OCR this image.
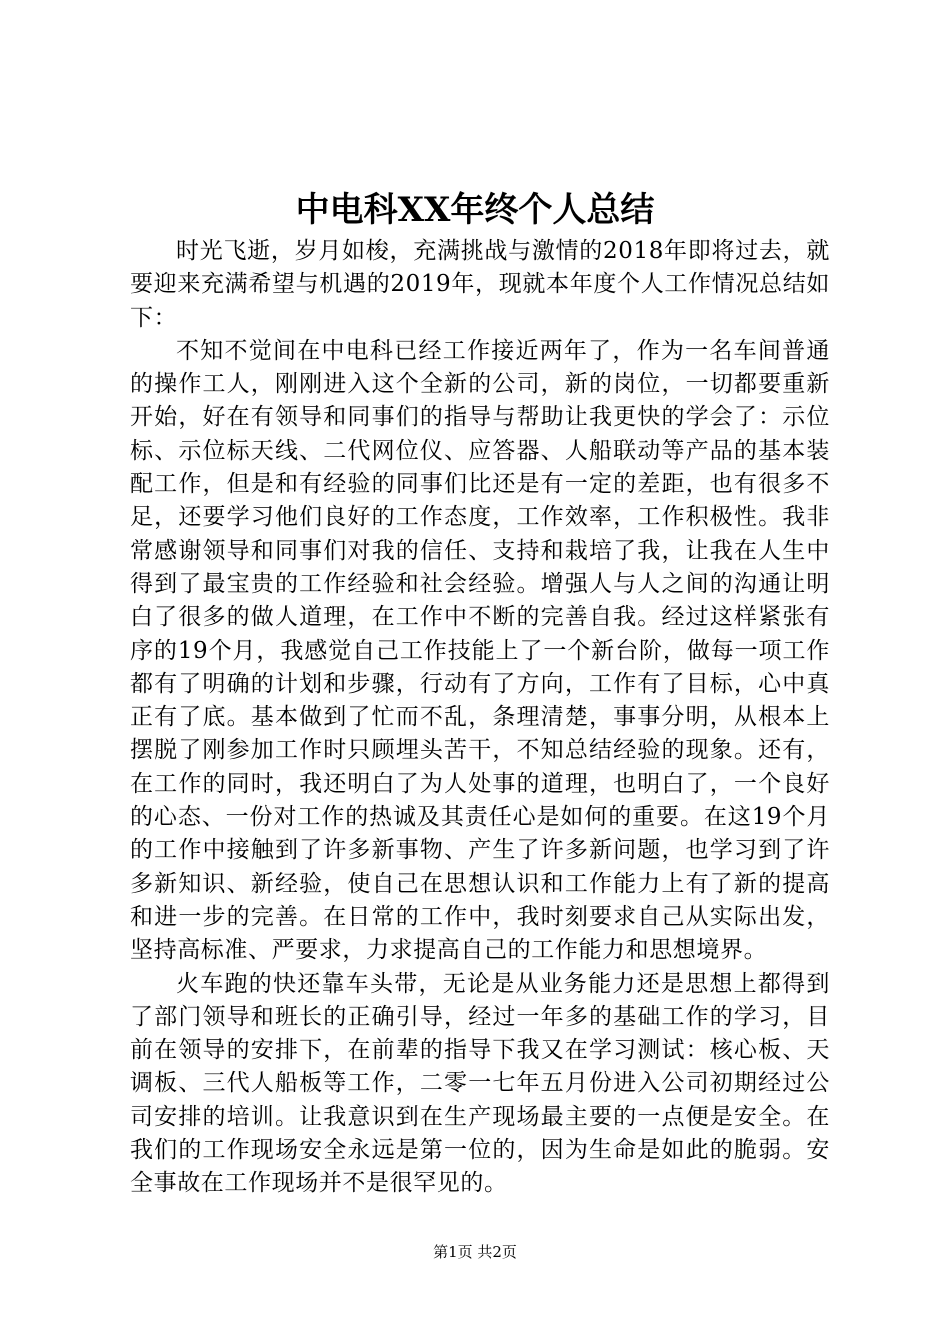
中电科XX年终个人总结

时光飞逝，岁月如梭，充满挑战与激情的2018年即将过去，就要迎来充满希望与机遇的2019年，现就本年度个人工作情况总结如下：

不知不觉间在中电科已经工作接近两年了，作为一名车间普通的操作工人，刚刚进入这个全新的公司，新的岗位，一切都要重新开始，好在有领导和同事们的指导与帮助让我更快的学会了：示位标、示位标天线、二代网位仪、应答器、人船联动等产品的基本装配工作，但是和有经验的同事们比还是有一定的差距，也有很多不足，还要学习他们良好的工作态度，工作效率，工作积极性。我非常感谢领导和同事们对我的信任、支持和栽培了我，让我在人生中得到了最宝贵的工作经验和社会经验。增强人与人之间的沟通让明白了很多的做人道理，在工作中不断的完善自我。经过这样紧张有序的19个月，我感觉自己工作技能上了一个新台阶，做每一项工作都有了明确的计划和步骤，行动有了方向，工作有了目标，心中真正有了底。基本做到了忙而不乱，条理清楚，事事分明，从根本上摆脱了刚参加工作时只顾埋头苦干，不知总结经验的现象。还有，在工作的同时，我还明白了为人处事的道理，也明白了，一个良好的心态、一份对工作的热诚及其责任心是如何的重要。在这19个月的工作中接触到了许多新事物、产生了许多新问题，也学习到了许多新知识、新经验，使自己在思想认识和工作能力上有了新的提高和进一步的完善。在日常的工作中，我时刻要求自己从实际出发，坚持高标准、严要求，力求提高自己的工作能力和思想境界。

火车跑的快还靠车头带，无论是从业务能力还是思想上都得到了部门领导和班长的正确引导，经过一年多的基础工作的学习，目前在领导的安排下，在前辈的指导下我又在学习测试：核心板、天调板、三代人船板等工作，二零一七年五月份进入公司初期经过公司安排的培训。让我意识到在生产现场最主要的一点便是安全。在我们的工作现场安全永远是第一位的，因为生命是如此的脆弱。安全事故在工作现场并不是很罕见的。

第1页 共2页
